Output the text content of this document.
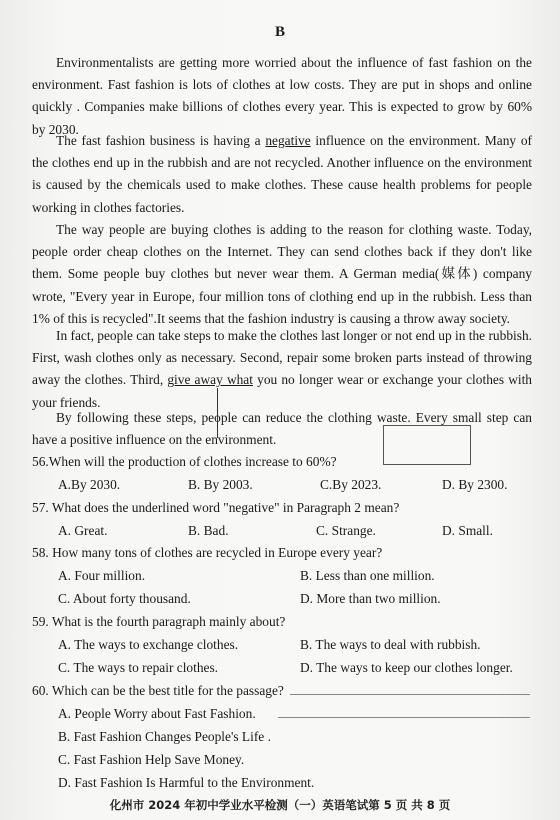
B

Environmentalists are getting more worried about the influence of fast fashion on the environment. Fast fashion is lots of clothes at low costs. They are put in shops and online quickly . Companies make billions of clothes every year. This is expected to grow by 60% by 2030.

The fast fashion business is having a negative influence on the environment. Many of the clothes end up in the rubbish and are not recycled. Another influence on the environment is caused by the chemicals used to make clothes. These cause health problems for people working in clothes factories.

The way people are buying clothes is adding to the reason for clothing waste. Today, people order cheap clothes on the Internet. They can send clothes back if they don't like them. Some people buy clothes but never wear them. A German media(媒体) company wrote, "Every year in Europe, four million tons of clothing end up in the rubbish. Less than 1% of this is recycled".It seems that the fashion industry is causing a throw away society.

In fact, people can take steps to make the clothes last longer or not end up in the rubbish. First, wash clothes only as necessary. Second, repair some broken parts instead of throwing away the clothes. Third, give away what you no longer wear or exchange your clothes with your friends.

By following these steps, people can reduce the clothing waste. Every small step can have a positive influence on the environment.

56.When will the production of clothes increase to 60%?
A.By 2030.	B. By 2003.	C.By 2023.	D. By 2300.
57. What does the underlined word "negative" in Paragraph 2 mean?
A. Great.	B. Bad.	C. Strange.	D. Small.
58. How many tons of clothes are recycled in Europe every year?
A. Four million.	B. Less than one million.
C. About forty thousand.	D. More than two million.
59. What is the fourth paragraph mainly about?
A. The ways to exchange clothes.	B. The ways to deal with rubbish.
C. The ways to repair clothes.	D. The ways to keep our clothes longer.
60. Which can be the best title for the passage?
A. People Worry about Fast Fashion.
B. Fast Fashion Changes People's Life .
C. Fast Fashion Help Save Money.
D. Fast Fashion Is Harmful to the Environment.
化州市 2024 年初中学业水平检测（一）英语笔试第 5 页 共 8 页
